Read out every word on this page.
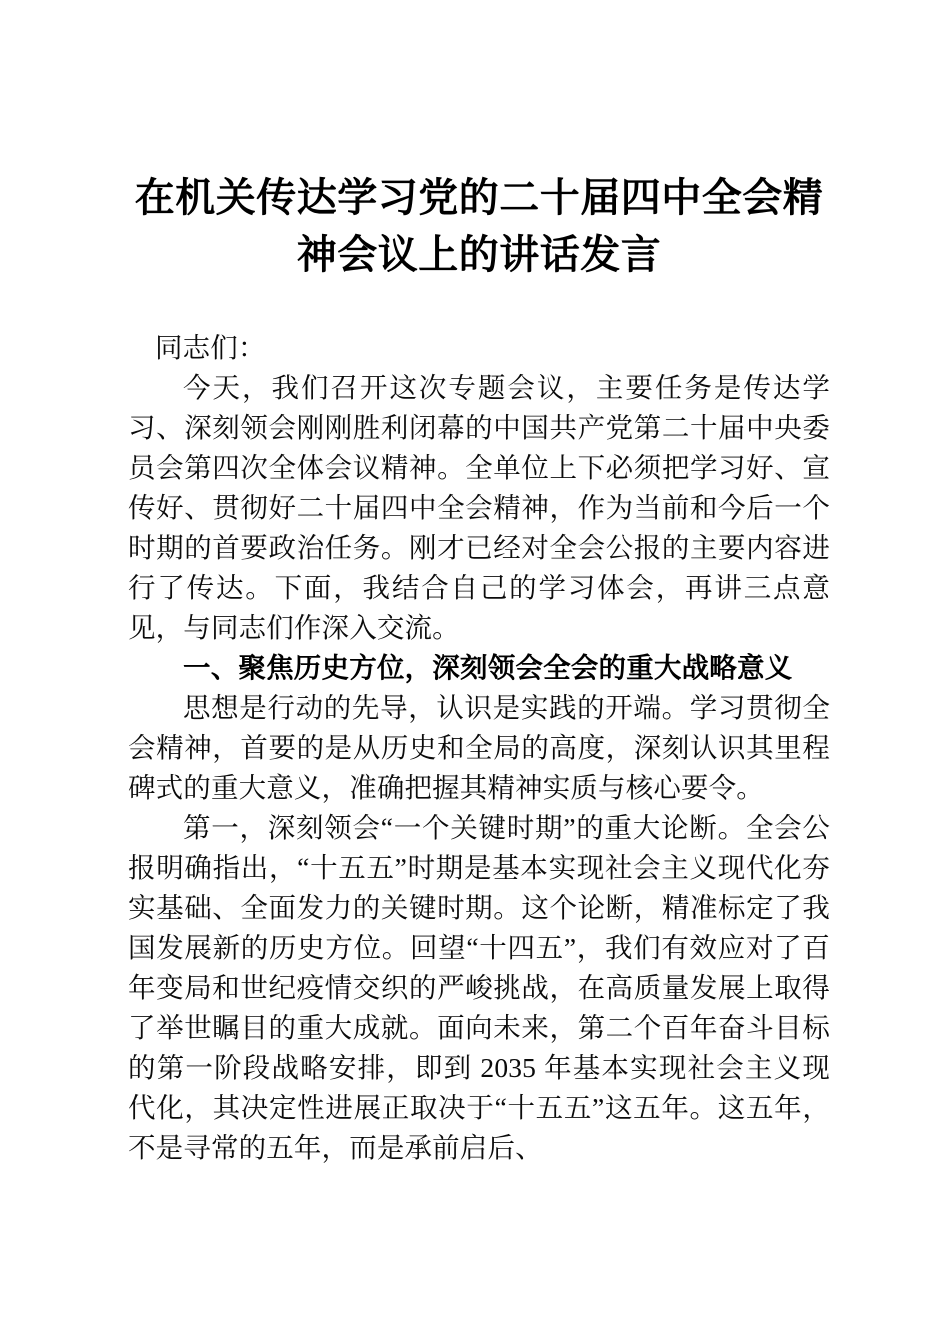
在机关传达学习党的二十届四中全会精神会议上的讲话发言

同志们：

今天，我们召开这次专题会议，主要任务是传达学习、深刻领会刚刚胜利闭幕的中国共产党第二十届中央委员会第四次全体会议精神。全单位上下必须把学习好、宣传好、贯彻好二十届四中全会精神，作为当前和今后一个时期的首要政治任务。刚才已经对全会公报的主要内容进行了传达。下面，我结合自己的学习体会，再讲三点意见，与同志们作深入交流。

一、聚焦历史方位，深刻领会全会的重大战略意义

思想是行动的先导，认识是实践的开端。学习贯彻全会精神，首要的是从历史和全局的高度，深刻认识其里程碑式的重大意义，准确把握其精神实质与核心要令。

第一，深刻领会“一个关键时期”的重大论断。全会公报明确指出，“十五五”时期是基本实现社会主义现代化夯实基础、全面发力的关键时期。这个论断，精准标定了我国发展新的历史方位。回望“十四五”，我们有效应对了百年变局和世纪疫情交织的严峻挑战，在高质量发展上取得了举世瞩目的重大成就。面向未来，第二个百年奋斗目标的第一阶段战略安排，即到 2035 年基本实现社会主义现代化，其决定性进展正取决于“十五五”这五年。这五年，不是寻常的五年，而是承前启后、
